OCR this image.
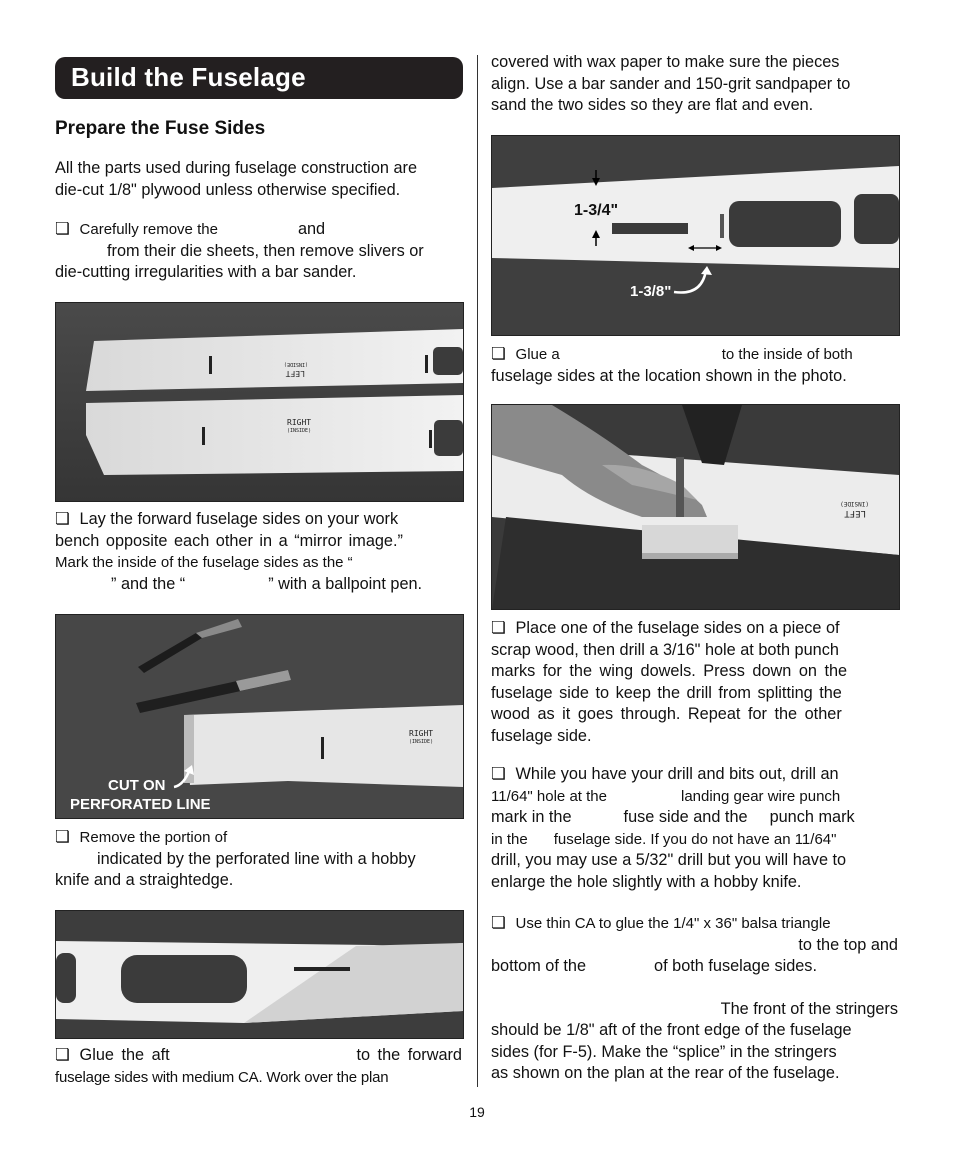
Build the Fuselage
Prepare the Fuse Sides
All the parts used during fuselage construction are
die-cut 1/8" plywood unless otherwise specified.
❏ Carefully remove the	and
from their die sheets, then remove slivers or
die-cutting irregularities with a bar sander.
LEFT
(INSIDE)
RIGHT
(INSIDE)
❏ Lay the forward fuselage sides on your work
bench opposite each other in a “mirror image.”
Mark the inside of the fuselage sides as the “
” and the “	” with a ballpoint pen.
RIGHT
(INSIDE)
CUT ON
PERFORATED LINE
❏ Remove the portion of
indicated by the perforated line with a hobby
knife and a straightedge.
❏ Glue the aft	to the forward
fuselage sides with medium CA. Work over the plan
covered with wax paper to make sure the pieces
align. Use a bar sander and 150-grit sandpaper to
sand the two sides so they are flat and even.
1-3/4"
1-3/8"
❏ Glue a	to the inside of both
fuselage sides at the location shown in the photo.
LEFT
(INSIDE)
❏ Place one of the fuselage sides on a piece of
scrap wood, then drill a 3/16" hole at both punch
marks for the wing dowels. Press down on the
fuselage side to keep the drill from splitting the
wood as it goes through. Repeat for the other
fuselage side.
❏ While you have your drill and bits out, drill an
11/64" hole at the	landing gear wire punch
mark in the	fuse side and the punch mark
in the fuselage side. If you do not have an 11/64"
drill, you may use a 5/32" drill but you will have to
enlarge the hole slightly with a hobby knife.
❏ Use thin CA to glue the 1/4" x 36" balsa triangle
to the top and
bottom of the	of both fuselage sides.
The front of the stringers
should be 1/8" aft of the front edge of the fuselage
sides (for F-5). Make the “splice” in the stringers
as shown on the plan at the rear of the fuselage.
19
